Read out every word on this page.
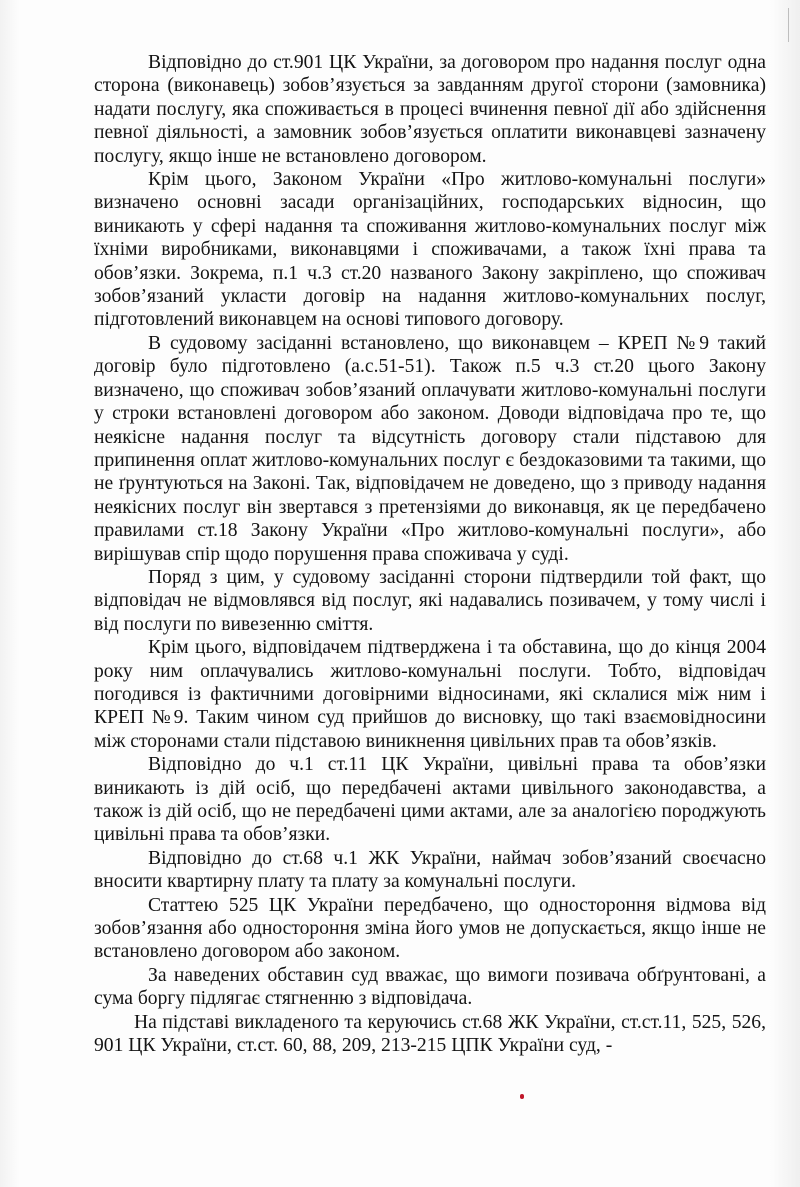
Відповідно до ст.901 ЦК України, за договором про надання послуг одна сторона (виконавець) зобов’язується за завданням другої сторони (замовника) надати послугу, яка споживається в процесі вчинення певної дії або здійснення певної діяльності, а замовник зобов’язується оплатити виконавцеві зазначену послугу, якщо інше не встановлено договором.

Крім цього, Законом України «Про житлово-комунальні послуги» визначено основні засади організаційних, господарських відносин, що виникають у сфері надання та споживання житлово-комунальних послуг між їхніми виробниками, виконавцями і споживачами, а також їхні права та обов’язки. Зокрема, п.1 ч.3 ст.20 названого Закону закріплено, що споживач зобов’язаний укласти договір на надання житлово-комунальних послуг, підготовлений виконавцем на основі типового договору.

В судовому засіданні встановлено, що виконавцем – КРЕП №9 такий договір було підготовлено (а.с.51-51). Також п.5 ч.3 ст.20 цього Закону визначено, що споживач зобов’язаний оплачувати житлово-комунальні послуги у строки встановлені договором або законом. Доводи відповідача про те, що неякісне надання послуг та відсутність договору стали підставою для припинення оплат житлово-комунальних послуг є бездоказовими та такими, що не ґрунтуються на Законі. Так, відповідачем не доведено, що з приводу надання неякісних послуг він звертався з претензіями до виконавця, як це передбачено правилами ст.18 Закону України «Про житлово-комунальні послуги», або вирішував спір щодо порушення права споживача у суді.

Поряд з цим, у судовому засіданні сторони підтвердили той факт, що відповідач не відмовлявся від послуг, які надавались позивачем, у тому числі і від послуги по вивезенню сміття.

Крім цього, відповідачем підтверджена і та обставина, що до кінця 2004 року ним оплачувались житлово-комунальні послуги. Тобто, відповідач погодився із фактичними договірними відносинами, які склалися між ним і КРЕП №9. Таким чином суд прийшов до висновку, що такі взаємовідносини між сторонами стали підставою виникнення цивільних прав та обов’язків.

Відповідно до ч.1 ст.11 ЦК України, цивільні права та обов’язки виникають із дій осіб, що передбачені актами цивільного законодавства, а також із дій осіб, що не передбачені цими актами, але за аналогією породжують цивільні права та обов’язки.

Відповідно до ст.68 ч.1 ЖК України, наймач зобов’язаний своєчасно вносити квартирну плату та плату за комунальні послуги.

Статтею 525 ЦК України передбачено, що одностороння відмова від зобов’язання або одностороння зміна його умов не допускається, якщо інше не встановлено договором або законом.

За наведених обставин суд вважає, що вимоги позивача обґрунтовані, а сума боргу підлягає стягненню з відповідача.

На підставі викладеного та керуючись ст.68 ЖК України, ст.ст.11, 525, 526, 901 ЦК України, ст.ст. 60, 88, 209, 213-215 ЦПК України суд, -
